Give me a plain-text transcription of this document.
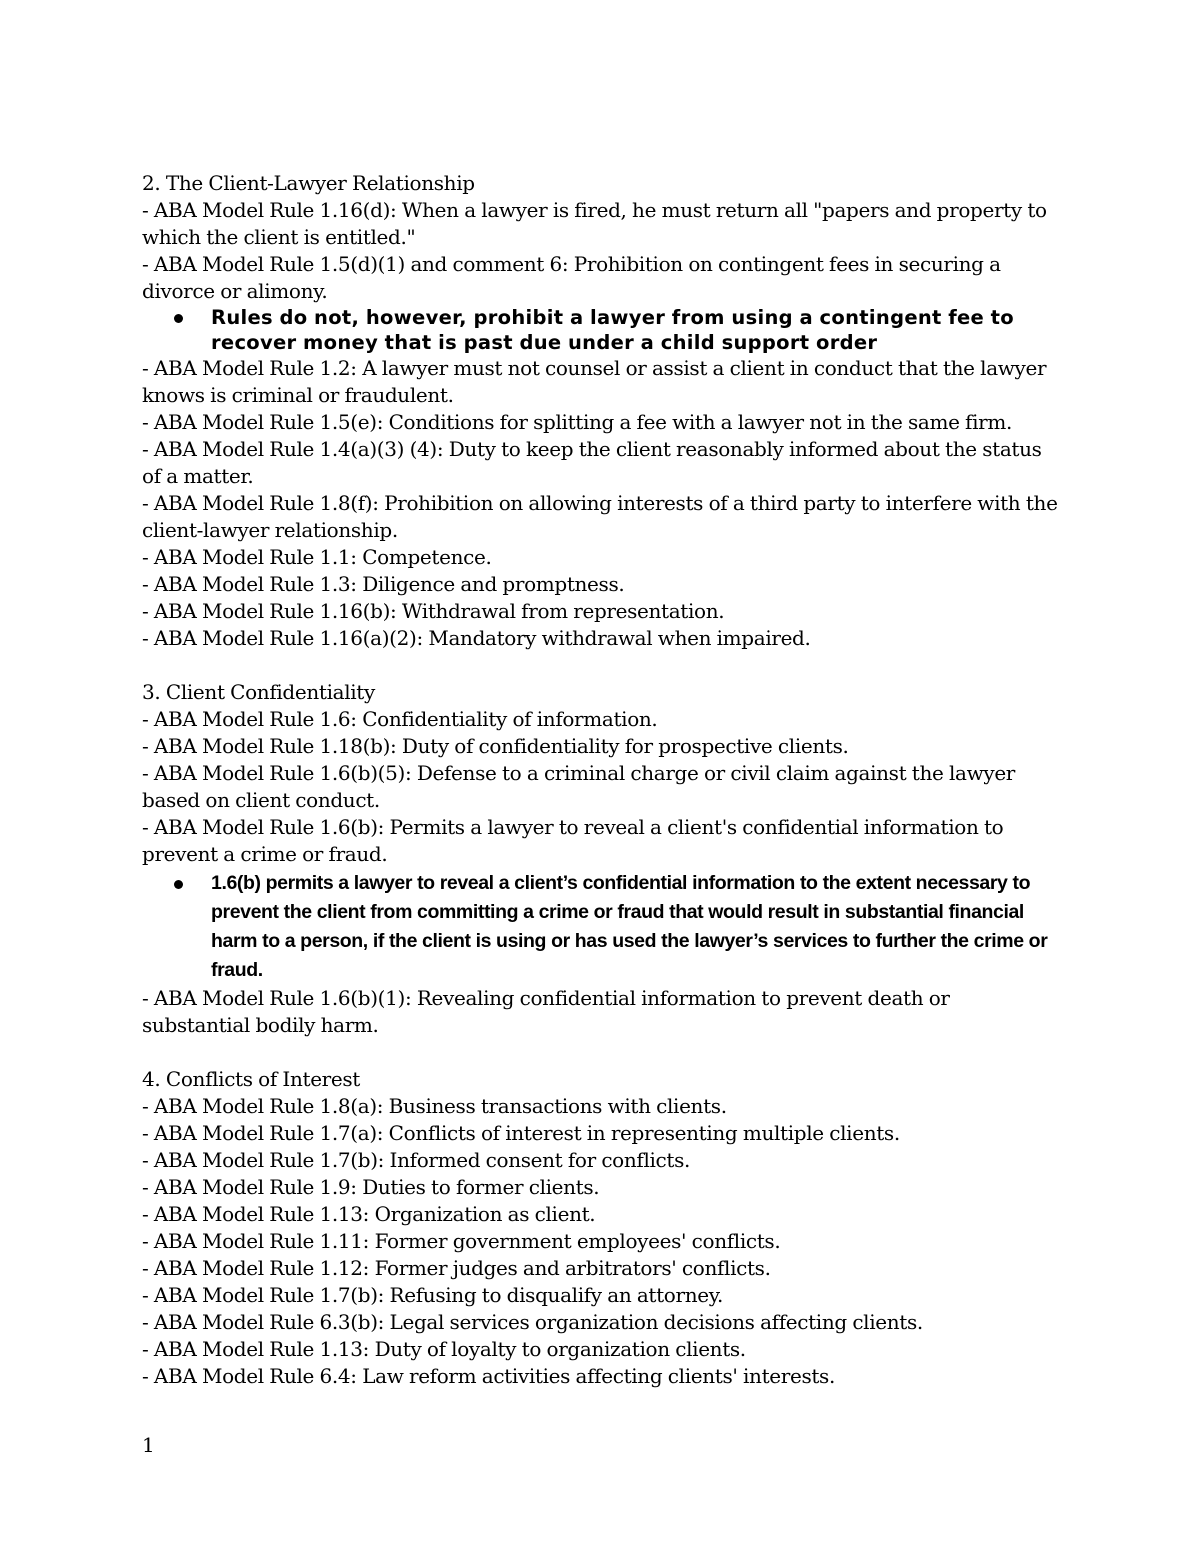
2. The Client-Lawyer Relationship

- ABA Model Rule 1.16(d): When a lawyer is fired, he must return all "papers and property to which the client is entitled."

- ABA Model Rule 1.5(d)(1) and comment 6: Prohibition on contingent fees in securing a divorce or alimony.

Rules do not, however, prohibit a lawyer from using a contingent fee to recover money that is past due under a child support order

- ABA Model Rule 1.2: A lawyer must not counsel or assist a client in conduct that the lawyer knows is criminal or fraudulent.

- ABA Model Rule 1.5(e): Conditions for splitting a fee with a lawyer not in the same firm.

- ABA Model Rule 1.4(a)(3) (4): Duty to keep the client reasonably informed about the status of a matter.

- ABA Model Rule 1.8(f): Prohibition on allowing interests of a third party to interfere with the client-lawyer relationship.

- ABA Model Rule 1.1: Competence.

- ABA Model Rule 1.3: Diligence and promptness.

- ABA Model Rule 1.16(b): Withdrawal from representation.

- ABA Model Rule 1.16(a)(2): Mandatory withdrawal when impaired.

3. Client Confidentiality

- ABA Model Rule 1.6: Confidentiality of information.

- ABA Model Rule 1.18(b): Duty of confidentiality for prospective clients.

- ABA Model Rule 1.6(b)(5): Defense to a criminal charge or civil claim against the lawyer based on client conduct.

- ABA Model Rule 1.6(b): Permits a lawyer to reveal a client's confidential information to prevent a crime or fraud.

1.6(b) permits a lawyer to reveal a client’s confidential information to the extent necessary to prevent the client from committing a crime or fraud that would result in substantial financial harm to a person, if the client is using or has used the lawyer’s services to further the crime or fraud.

- ABA Model Rule 1.6(b)(1): Revealing confidential information to prevent death or substantial bodily harm.

4. Conflicts of Interest

- ABA Model Rule 1.8(a): Business transactions with clients.

- ABA Model Rule 1.7(a): Conflicts of interest in representing multiple clients.

- ABA Model Rule 1.7(b): Informed consent for conflicts.

- ABA Model Rule 1.9: Duties to former clients.

- ABA Model Rule 1.13: Organization as client.

- ABA Model Rule 1.11: Former government employees' conflicts.

- ABA Model Rule 1.12: Former judges and arbitrators' conflicts.

- ABA Model Rule 1.7(b): Refusing to disqualify an attorney.

- ABA Model Rule 6.3(b): Legal services organization decisions affecting clients.

- ABA Model Rule 1.13: Duty of loyalty to organization clients.

- ABA Model Rule 6.4: Law reform activities affecting clients' interests.

1
